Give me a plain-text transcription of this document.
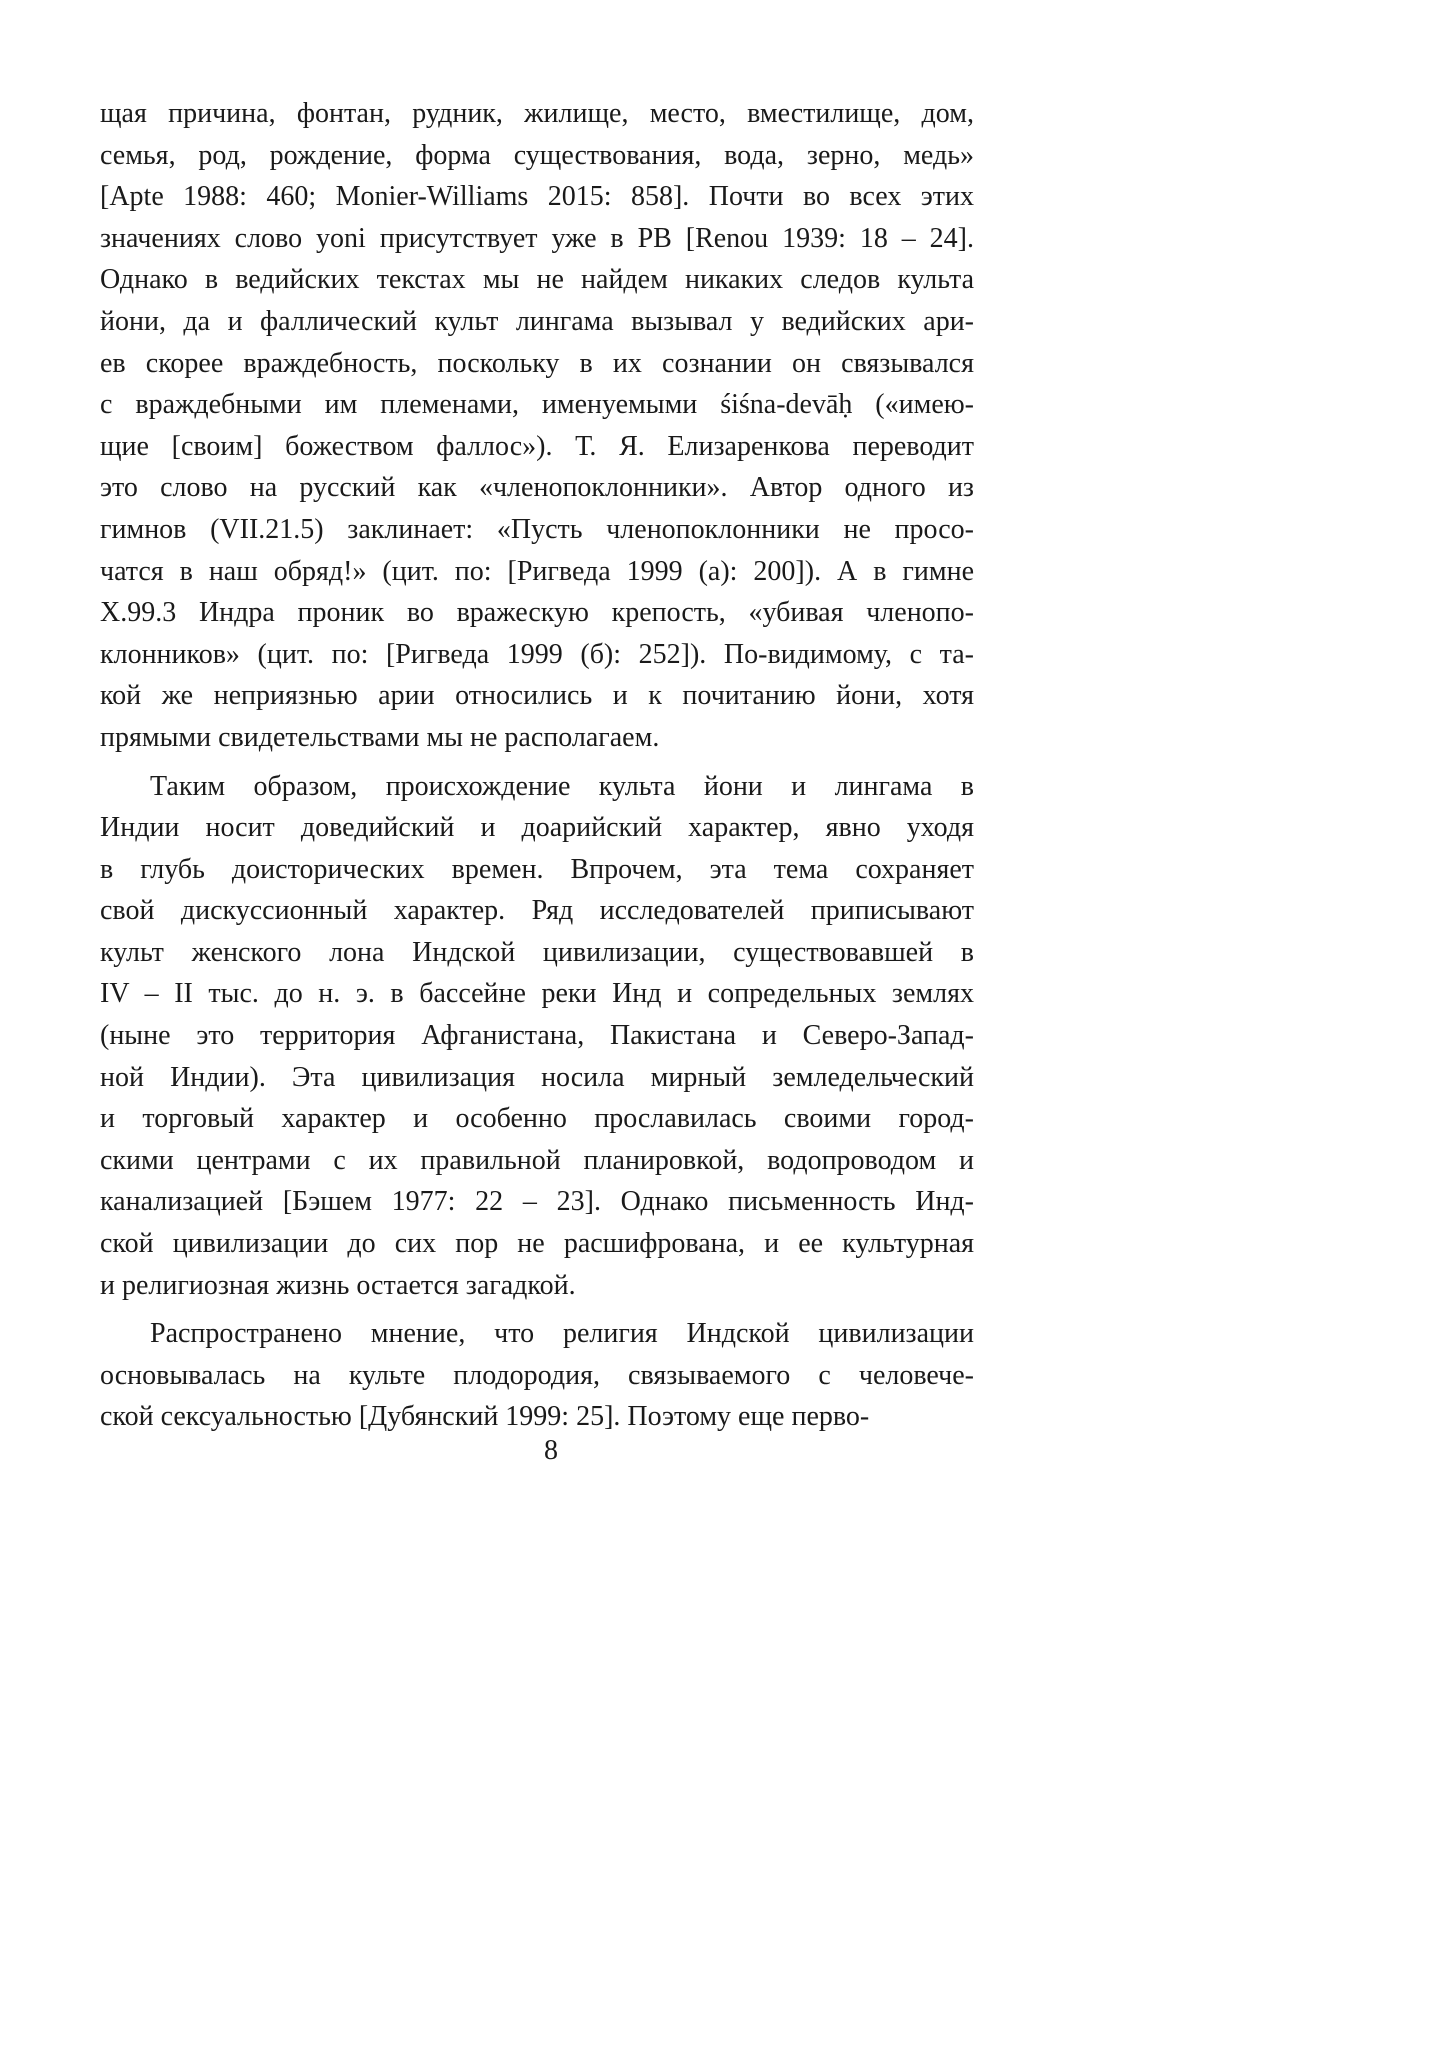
щая причина, фонтан, рудник, жилище, место, вместилище, дом,
семья, род, рождение, форма существования, вода, зерно, медь»
[Apte 1988: 460; Monier-Williams 2015: 858]. Почти во всех этих
значениях слово yoni присутствует уже в РВ [Renou 1939: 18 – 24].
Однако в ведийских текстах мы не найдем никаких следов культа
йони, да и фаллический культ лингама вызывал у ведийских ари-
ев скорее враждебность, поскольку в их сознании он связывался
с враждебными им племенами, именуемыми śiśna-devāḥ («имею-
щие [своим] божеством фаллос»). Т. Я. Елизаренкова переводит
это слово на русский как «членопоклонники». Автор одного из
гимнов (VII.21.5) заклинает: «Пусть членопоклонники не просо-
чатся в наш обряд!» (цит. по: [Ригведа 1999 (а): 200]). А в гимне
X.99.3 Индра проник во вражескую крепость, «убивая членопо-
клонников» (цит. по: [Ригведа 1999 (б): 252]). По-видимому, с та-
кой же неприязнью арии относились и к почитанию йони, хотя
прямыми свидетельствами мы не располагаем.
Таким образом, происхождение культа йони и лингама в
Индии носит доведийский и доарийский характер, явно уходя
в глубь доисторических времен. Впрочем, эта тема сохраняет
свой дискуссионный характер. Ряд исследователей приписывают
культ женского лона Индской цивилизации, существовавшей в
IV – II тыс. до н. э. в бассейне реки Инд и сопредельных землях
(ныне это территория Афганистана, Пакистана и Северо-Запад-
ной Индии). Эта цивилизация носила мирный земледельческий
и торговый характер и особенно прославилась своими город-
скими центрами с их правильной планировкой, водопроводом и
канализацией [Бэшем 1977: 22 – 23]. Однако письменность Инд-
ской цивилизации до сих пор не расшифрована, и ее культурная
и религиозная жизнь остается загадкой.
Распространено мнение, что религия Индской цивилизации
основывалась на культе плодородия, связываемого с человече-
ской сексуальностью [Дубянский 1999: 25]. Поэтому еще перво-
8
